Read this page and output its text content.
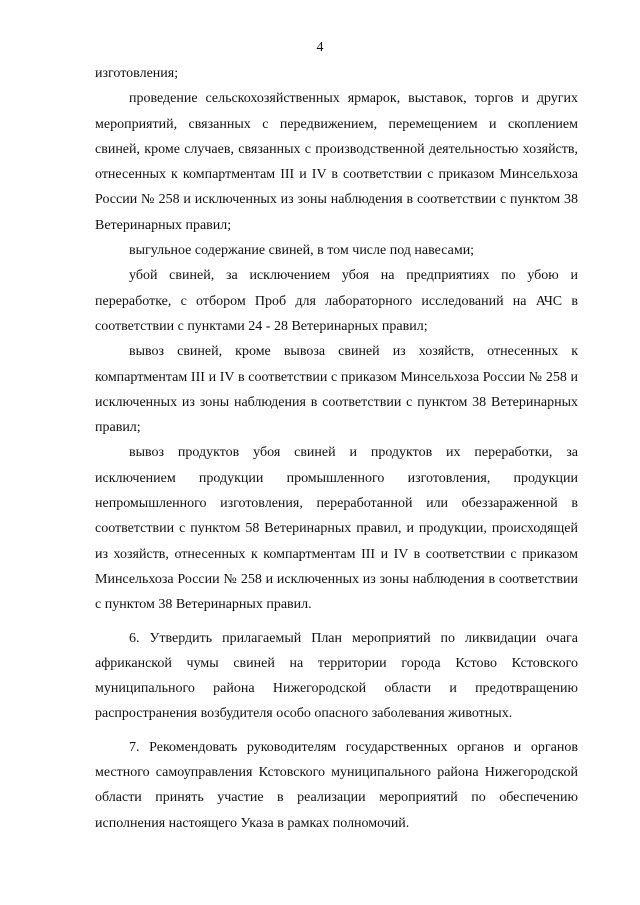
4

изготовления;

проведение сельскохозяйственных ярмарок, выставок, торгов и других мероприятий, связанных с передвижением, перемещением и скоплением свиней, кроме случаев, связанных с производственной деятельностью хозяйств, отнесенных к компартментам III и IV в соответствии с приказом Минсельхоза России № 258 и исключенных из зоны наблюдения в соответствии с пунктом 38 Ветеринарных правил;

выгульное содержание свиней, в том числе под навесами;

убой свиней, за исключением убоя на предприятиях по убою и переработке, с отбором Проб для лабораторного исследований на АЧС в соответствии с пунктами 24 - 28 Ветеринарных правил;

вывоз свиней, кроме вывоза свиней из хозяйств, отнесенных к компартментам III и IV в соответствии с приказом Минсельхоза России № 258 и исключенных из зоны наблюдения в соответствии с пунктом 38 Ветеринарных правил;

вывоз продуктов убоя свиней и продуктов их переработки, за исключением продукции промышленного изготовления, продукции непромышленного изготовления, переработанной или обеззараженной в соответствии с пунктом 58 Ветеринарных правил, и продукции, происходящей из хозяйств, отнесенных к компартментам III и IV в соответствии с приказом Минсельхоза России № 258 и исключенных из зоны наблюдения в соответствии с пунктом 38 Ветеринарных правил.

6. Утвердить прилагаемый План мероприятий по ликвидации очага африканской чумы свиней на территории города Кстово Кстовского муниципального района Нижегородской области и предотвращению распространения возбудителя особо опасного заболевания животных.

7. Рекомендовать руководителям государственных органов и органов местного самоуправления Кстовского муниципального района Нижегородской области принять участие в реализации мероприятий по обеспечению исполнения настоящего Указа в рамках полномочий.
